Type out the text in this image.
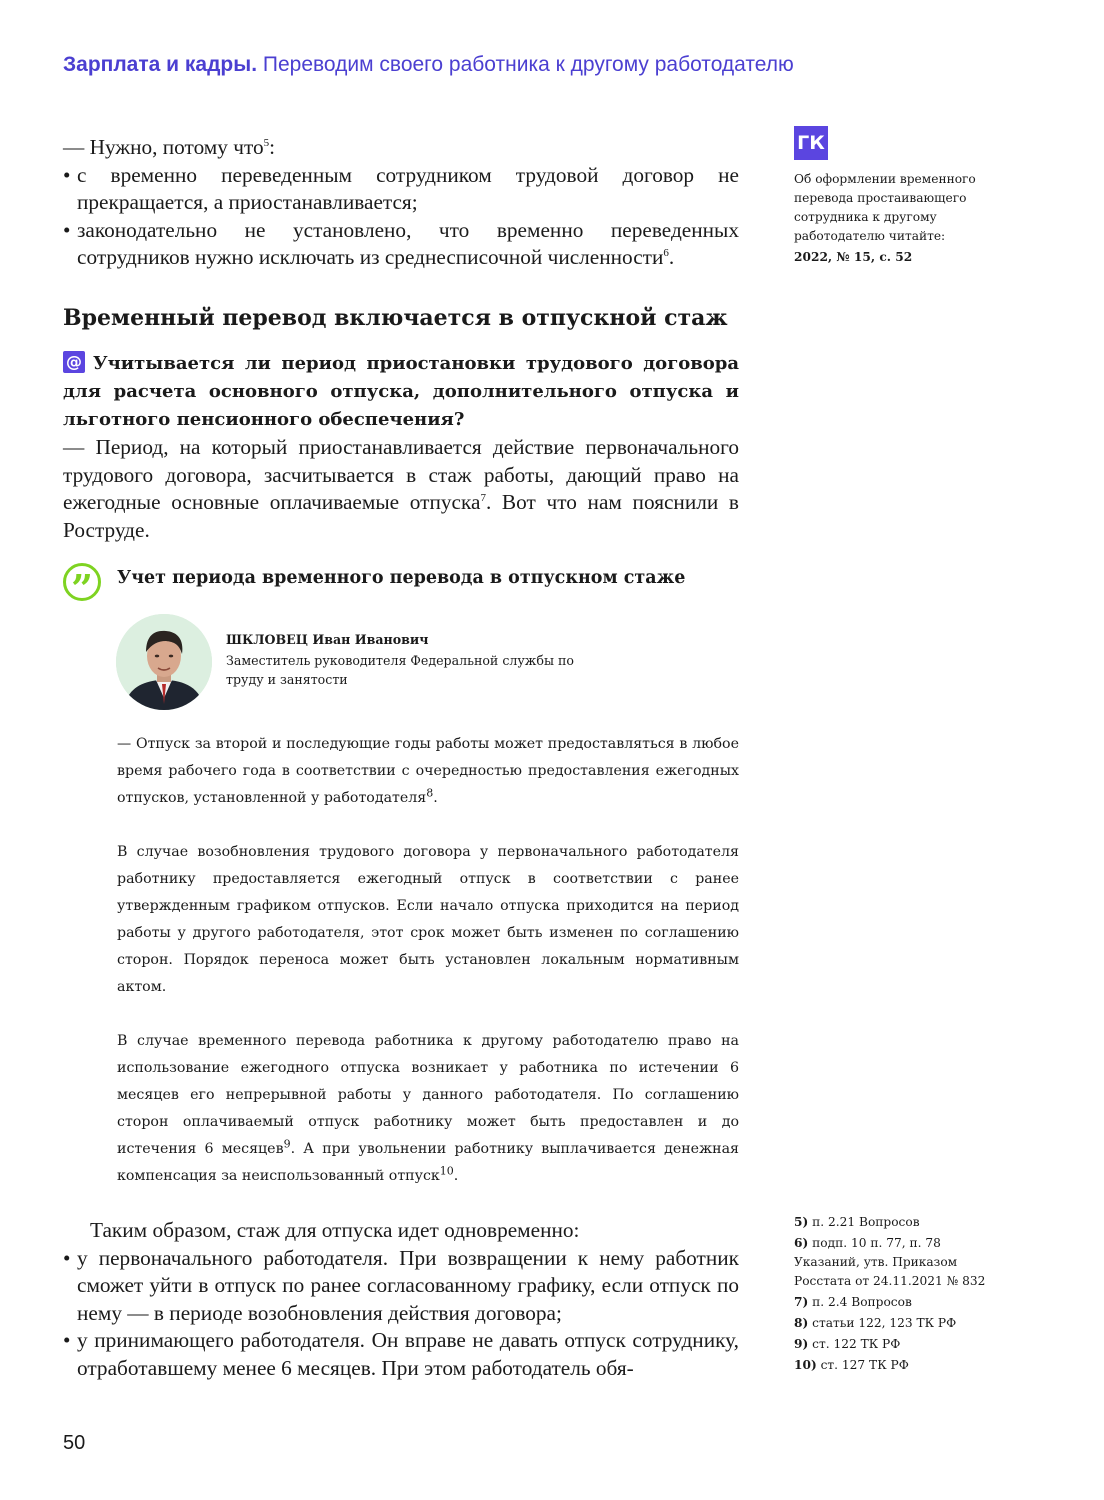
Зарплата и кадры. Переводим своего работника к другому работодателю

— Нужно, потому что$^5$:

• с временно переведенным сотрудником трудовой договор не прекращается, а приостанавливается;
• законодательно не установлено, что временно переведенных сотрудников нужно исключать из среднесписочной численности$^6$.
Временный перевод включается в отпускной стаж
@ Учитывается ли период приостановки трудового договора для расчета основного отпуска, дополнительного отпуска и льготного пенсионного обеспечения?

— Период, на который приостанавливается действие первоначального трудового договора, засчитывается в стаж работы, дающий право на ежегодные основные оплачиваемые отпуска$^7$. Вот что нам пояснили в Роструде.

”	Учет периода временного перевода в отпускном стаже
ШКЛОВЕЦ Иван Иванович
Заместитель руководителя Федеральной службы по труду и занятости

— Отпуск за второй и последующие годы работы может предоставляться в любое время рабочего года в соответствии с очередностью предоставления ежегодных отпусков, установленной у работодателя$^8$.

В случае возобновления трудового договора у первоначального работодателя работнику предоставляется ежегодный отпуск в соответствии с ранее утвержденным графиком отпусков. Если начало отпуска приходится на период работы у другого работодателя, этот срок может быть изменен по соглашению сторон. Порядок переноса может быть установлен локальным нормативным актом.

В случае временного перевода работника к другому работодателю право на использование ежегодного отпуска возникает у работника по истечении 6 месяцев его непрерывной работы у данного работодателя. По соглашению сторон оплачиваемый отпуск работнику может быть предоставлен и до истечения 6 месяцев$^9$. А при увольнении работнику выплачивается денежная компенсация за неиспользованный отпуск$^{10}$.

Таким образом, стаж для отпуска идет одновременно:

• у первоначального работодателя. При возвращении к нему работник сможет уйти в отпуск по ранее согласованному графику, если отпуск по нему — в периоде возобновления действия договора;
• у принимающего работодателя. Он вправе не давать отпуск сотруднику, отработавшему менее 6 месяцев. При этом работодатель обя-
ГК
Об оформлении временного перевода простаивающего сотрудника к другому работодателю читайте:
2022, № 15, с. 52
5) п. 2.21 Вопросов
6) подп. 10 п. 77, п. 78 Указаний, утв. Приказом Росстата от 24.11.2021 № 832
7) п. 2.4 Вопросов
8) статьи 122, 123 ТК РФ
9) ст. 122 ТК РФ
10) ст. 127 ТК РФ
50
